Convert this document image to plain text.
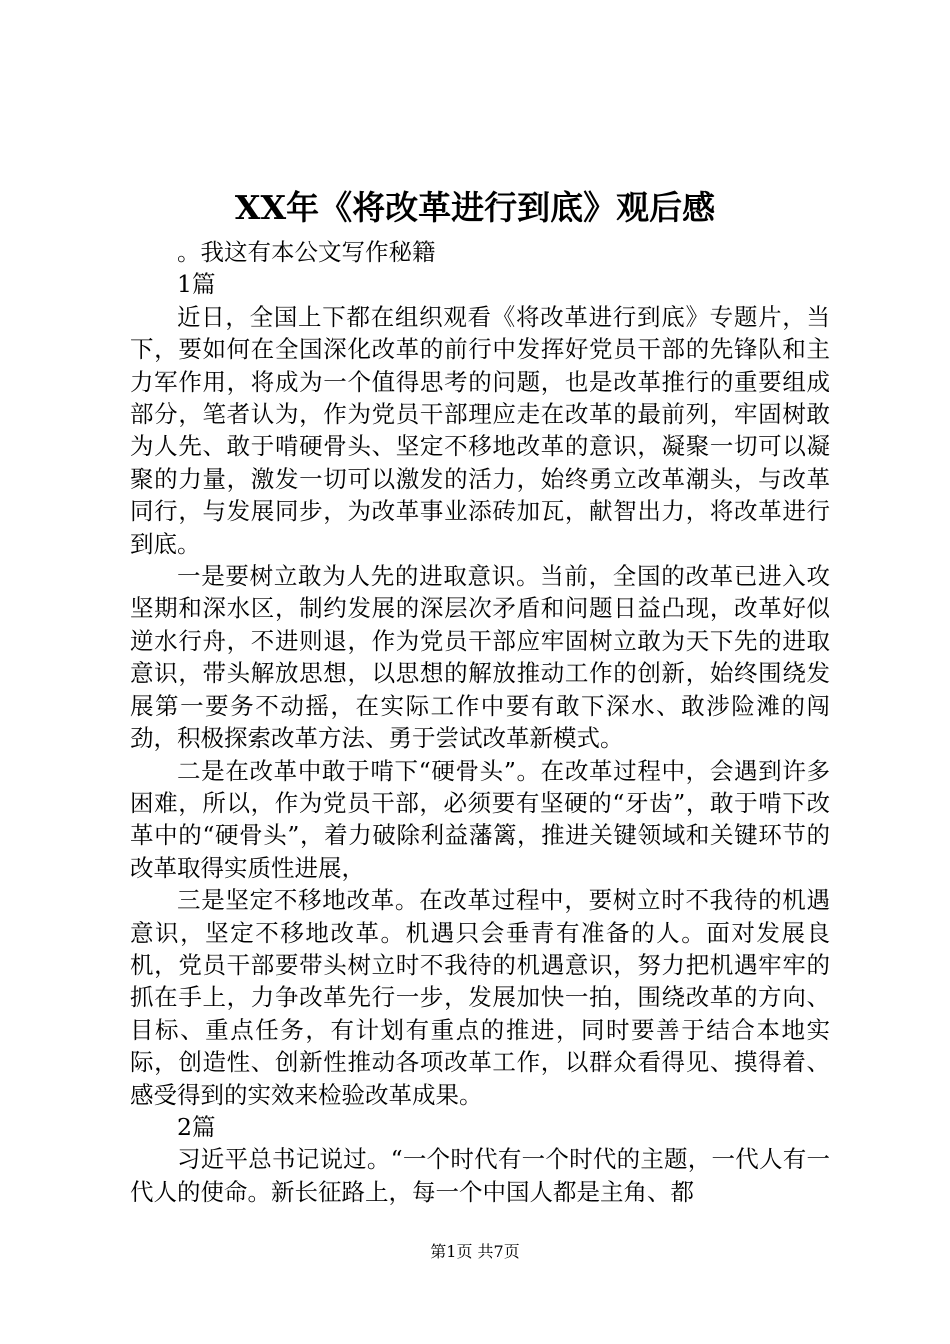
XX年《将改革进行到底》观后感

。我这有本公文写作秘籍

1篇

近日，全国上下都在组织观看《将改革进行到底》专题片，当下，要如何在全国深化改革的前行中发挥好党员干部的先锋队和主力军作用，将成为一个值得思考的问题，也是改革推行的重要组成部分，笔者认为，作为党员干部理应走在改革的最前列，牢固树敢为人先、敢于啃硬骨头、坚定不移地改革的意识，凝聚一切可以凝聚的力量，激发一切可以激发的活力，始终勇立改革潮头，与改革同行，与发展同步，为改革事业添砖加瓦，献智出力，将改革进行到底。

一是要树立敢为人先的进取意识。当前，全国的改革已进入攻坚期和深水区，制约发展的深层次矛盾和问题日益凸现，改革好似逆水行舟，不进则退，作为党员干部应牢固树立敢为天下先的进取意识，带头解放思想，以思想的解放推动工作的创新，始终围绕发展第一要务不动摇，在实际工作中要有敢下深水、敢涉险滩的闯劲，积极探索改革方法、勇于尝试改革新模式。

二是在改革中敢于啃下“硬骨头”。在改革过程中，会遇到许多困难，所以，作为党员干部，必须要有坚硬的“牙齿”，敢于啃下改革中的“硬骨头”，着力破除利益藩篱，推进关键领域和关键环节的改革取得实质性进展，

三是坚定不移地改革。在改革过程中，要树立时不我待的机遇意识，坚定不移地改革。机遇只会垂青有准备的人。面对发展良机，党员干部要带头树立时不我待的机遇意识，努力把机遇牢牢的抓在手上，力争改革先行一步，发展加快一拍，围绕改革的方向、目标、重点任务，有计划有重点的推进，同时要善于结合本地实际，创造性、创新性推动各项改革工作，以群众看得见、摸得着、感受得到的实效来检验改革成果。

2篇

习近平总书记说过。“一个时代有一个时代的主题，一代人有一代人的使命。新长征路上，每一个中国人都是主角、都

第1页 共7页
